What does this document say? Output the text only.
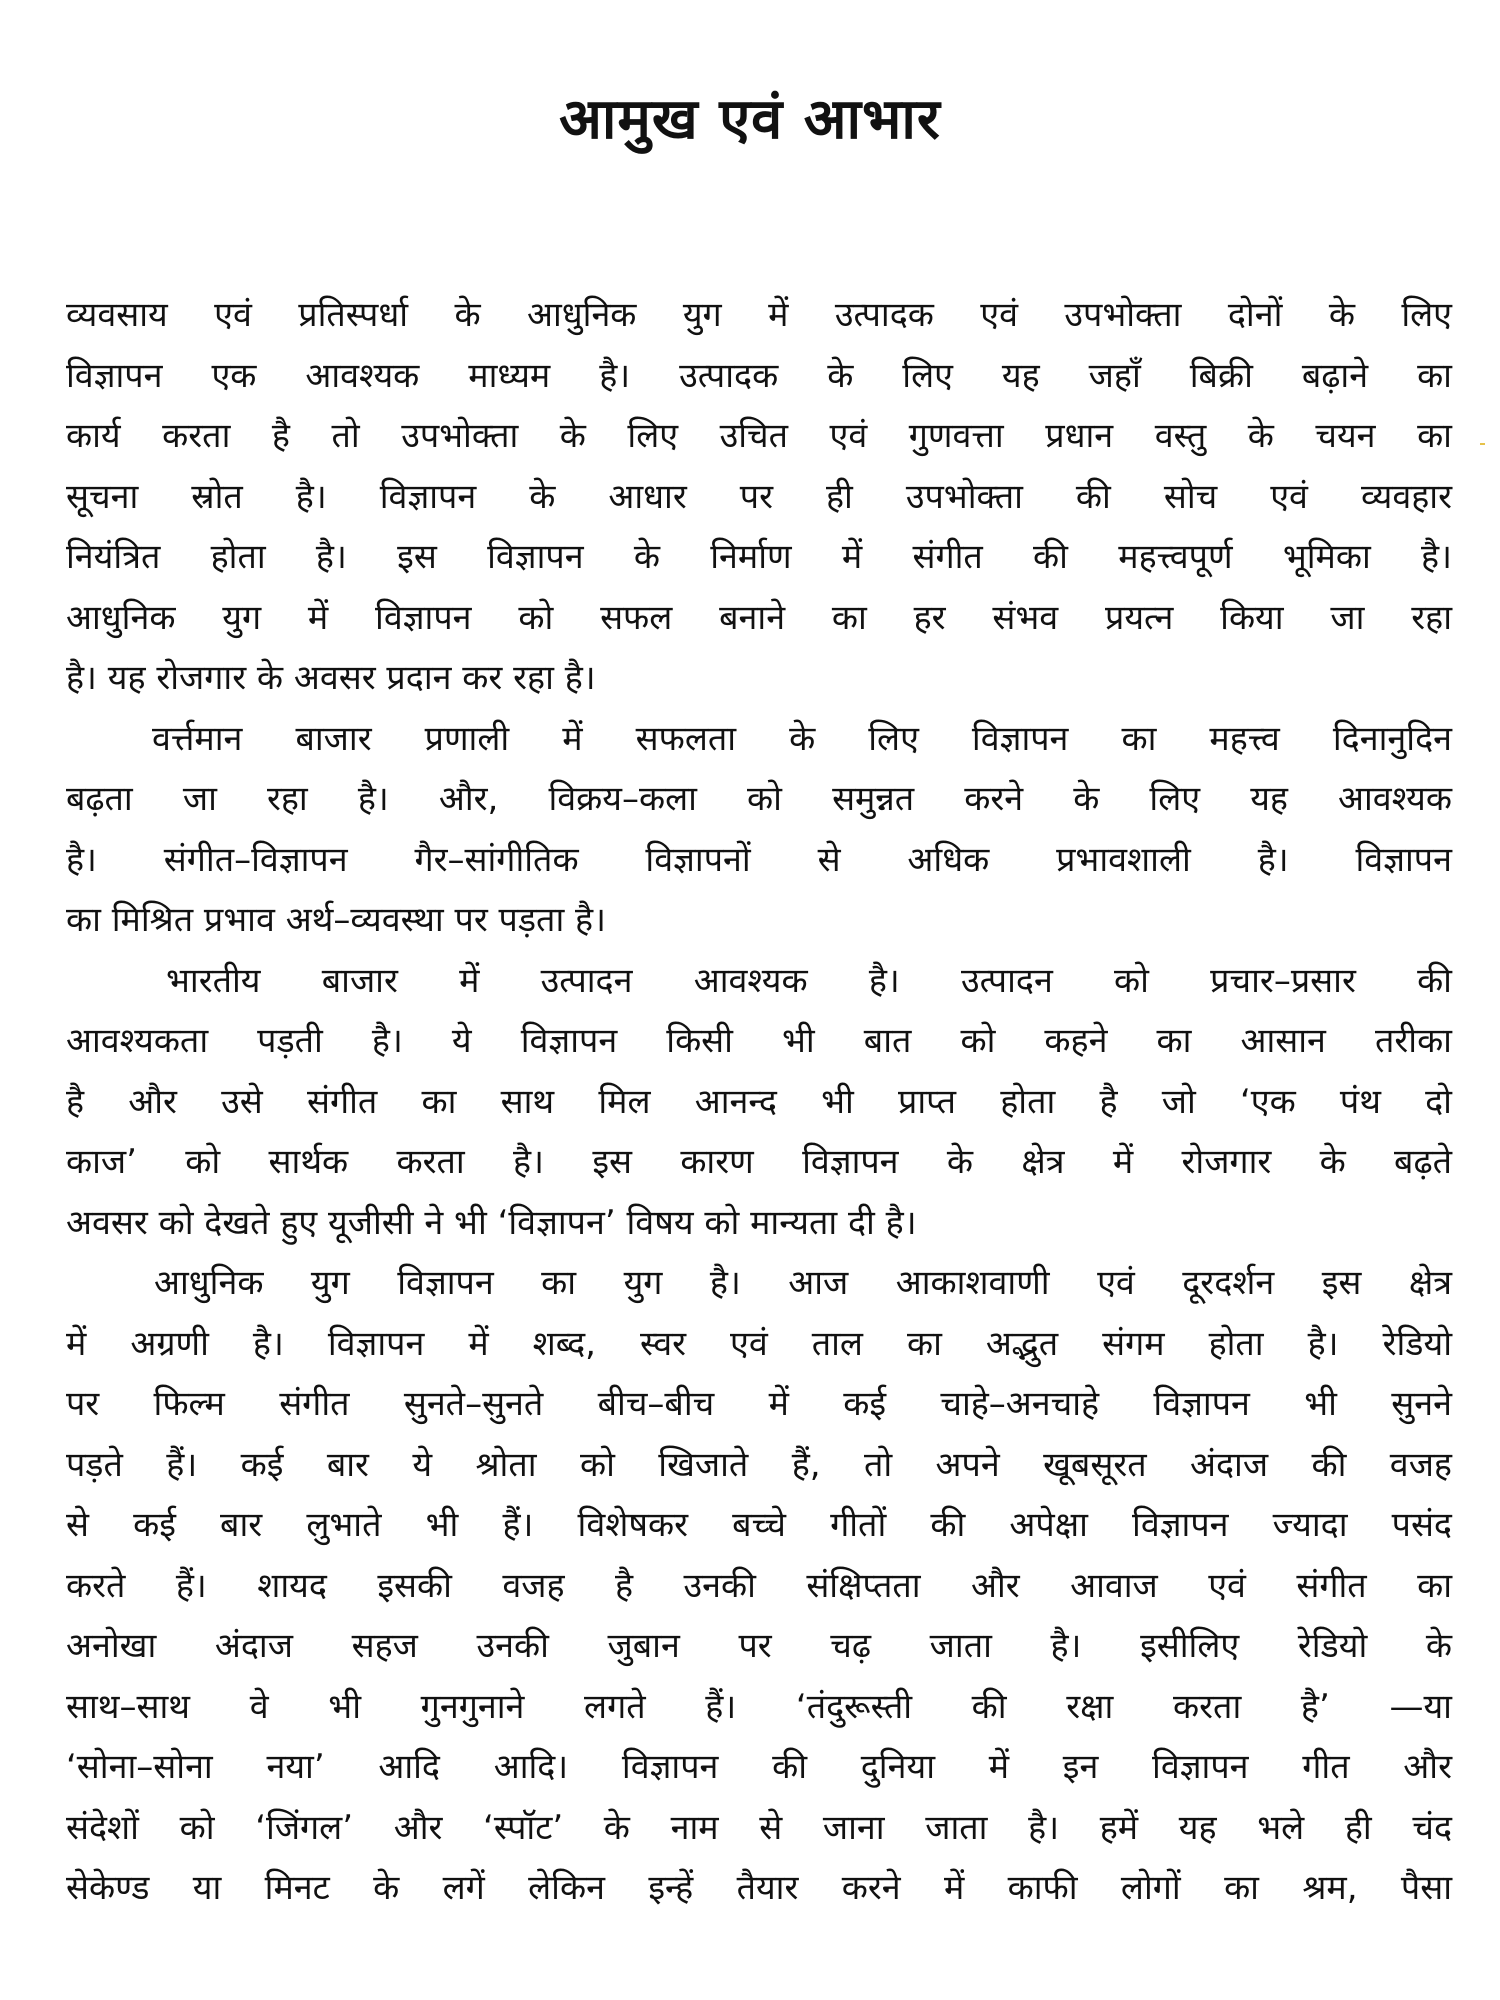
आमुख एवं आभार

व्यवसाय एवं प्रतिस्पर्धा के आधुनिक युग में उत्पादक एवं उपभोक्ता दोनों के लिए
विज्ञापन एक आवश्यक माध्यम है। उत्पादक के लिए यह जहाँ बिक्री बढ़ाने का
कार्य करता है तो उपभोक्ता के लिए उचित एवं गुणवत्ता प्रधान वस्तु के चयन का
सूचना स्रोत है। विज्ञापन के आधार पर ही उपभोक्ता की सोच एवं व्यवहार
नियंत्रित होता है। इस विज्ञापन के निर्माण में संगीत की महत्त्वपूर्ण भूमिका है।
आधुनिक युग में विज्ञापन को सफल बनाने का हर संभव प्रयत्न किया जा रहा
है। यह रोजगार के अवसर प्रदान कर रहा है।

वर्त्तमान बाजार प्रणाली में सफलता के लिए विज्ञापन का महत्त्व दिनानुदिन
बढ़ता जा रहा है। और, विक्रय–कला को समुन्नत करने के लिए यह आवश्यक
है। संगीत–विज्ञापन गैर–सांगीतिक विज्ञापनों से अधिक प्रभावशाली है। विज्ञापन
का मिश्रित प्रभाव अर्थ–व्यवस्था पर पड़ता है।

भारतीय बाजार में उत्पादन आवश्यक है। उत्पादन को प्रचार–प्रसार की
आवश्यकता पड़ती है। ये विज्ञापन किसी भी बात को कहने का आसान तरीका
है और उसे संगीत का साथ मिल आनन्द भी प्राप्त होता है जो ‘एक पंथ दो
काज’ को सार्थक करता है। इस कारण विज्ञापन के क्षेत्र में रोजगार के बढ़ते
अवसर को देखते हुए यूजीसी ने भी ‘विज्ञापन’ विषय को मान्यता दी है।

आधुनिक युग विज्ञापन का युग है। आज आकाशवाणी एवं दूरदर्शन इस क्षेत्र
में अग्रणी है। विज्ञापन में शब्द, स्वर एवं ताल का अद्भुत संगम होता है। रेडियो
पर फिल्म संगीत सुनते–सुनते बीच–बीच में कई चाहे–अनचाहे विज्ञापन भी सुनने
पड़ते हैं। कई बार ये श्रोता को खिजाते हैं, तो अपने खूबसूरत अंदाज की वजह
से कई बार लुभाते भी हैं। विशेषकर बच्चे गीतों की अपेक्षा विज्ञापन ज्यादा पसंद
करते हैं। शायद इसकी वजह है उनकी संक्षिप्तता और आवाज एवं संगीत का
अनोखा अंदाज सहज उनकी जुबान पर चढ़ जाता है। इसीलिए रेडियो के
साथ–साथ वे भी गुनगुनाने लगते हैं। ‘तंदुरूस्ती की रक्षा करता है’ —या
‘सोना–सोना नया’ आदि आदि। विज्ञापन की दुनिया में इन विज्ञापन गीत और
संदेशों को ‘जिंगल’ और ‘स्पॉट’ के नाम से जाना जाता है। हमें यह भले ही चंद
सेकेण्ड या मिनट के लगें लेकिन इन्हें तैयार करने में काफी लोगों का श्रम, पैसा
